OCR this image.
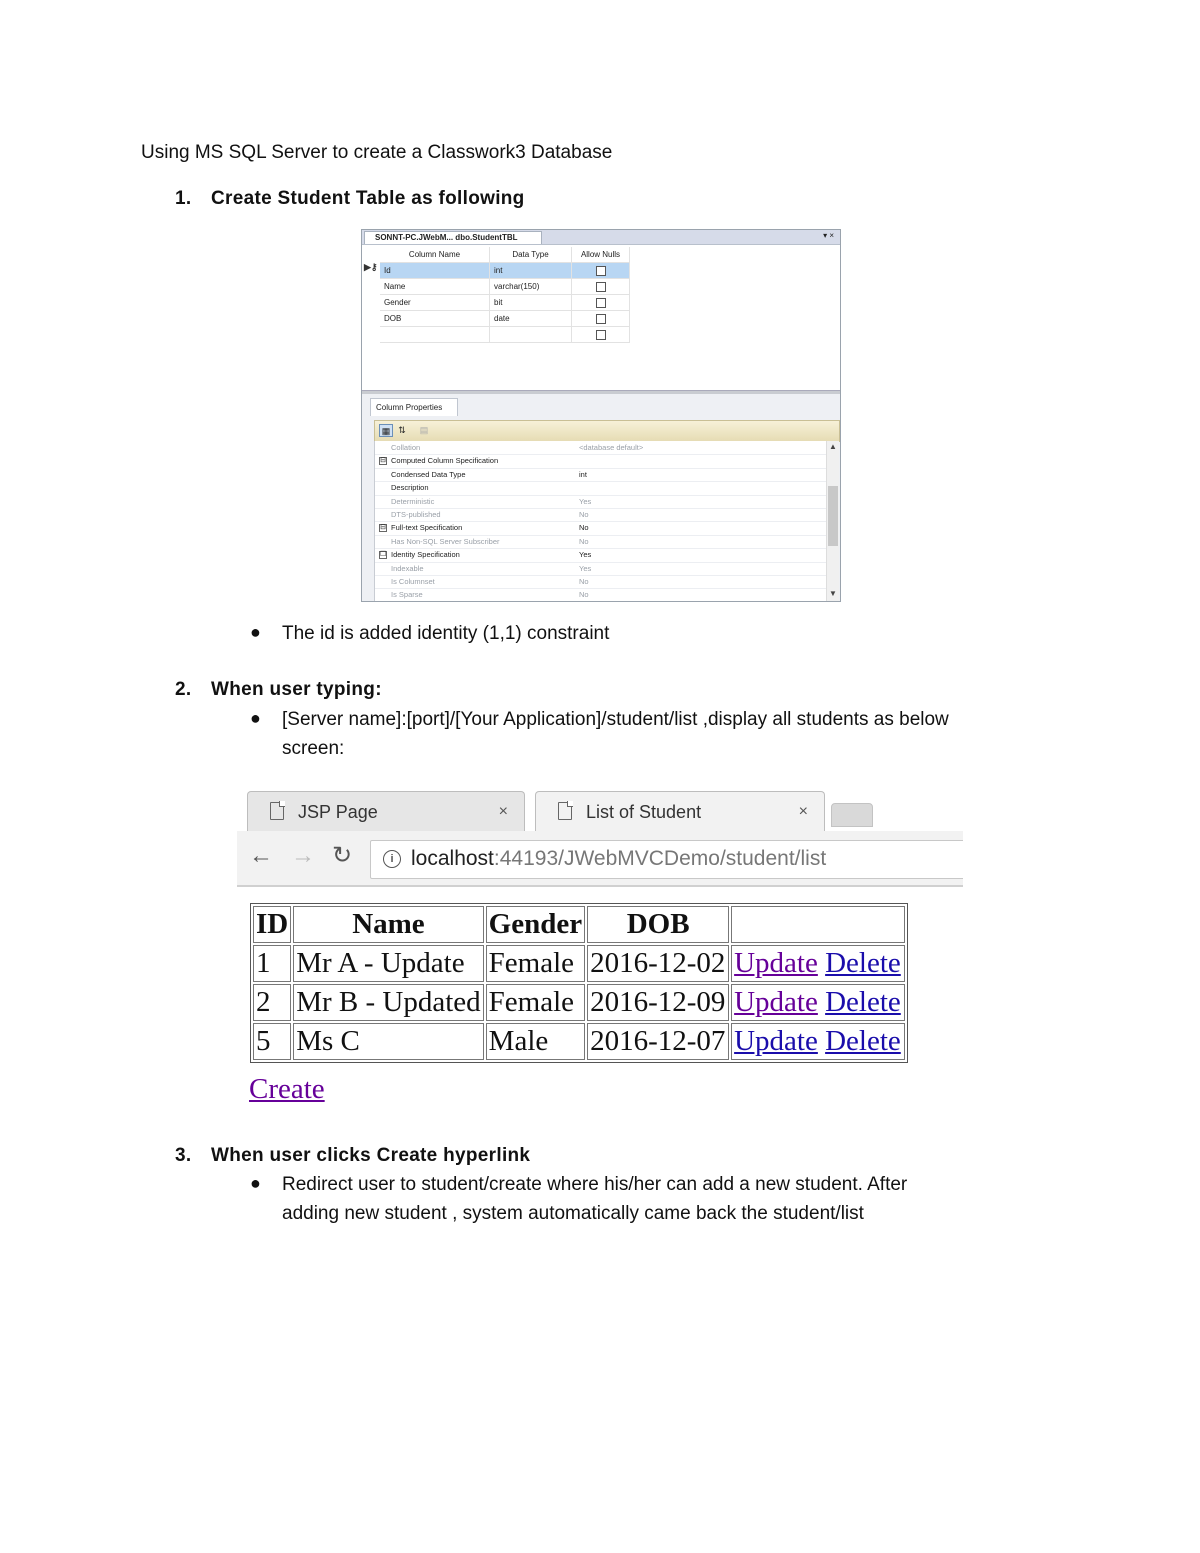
Using MS SQL Server to create a Classwork3 Database
1. Create Student Table as following
SONNT-PC.JWebM... dbo.StudentTBL	▾ ×
Column Name	Data Type	Allow Nulls
▶⚷ Id	int
Name	varchar(150)
Gender	bit
DOB	date
Column Properties
▦ ⇅	▤
Collation	<database default>
⊟ Computed Column Specification
Condensed Data Type	int
Description
Deterministic	Yes
DTS-published	No
⊟ Full-text Specification	No
Has Non-SQL Server Subscriber	No
☐ Identity Specification	Yes
Indexable	Yes
Is Columnset	No
Is Sparse	No
▲
▼
● The id is added identity (1,1) constraint
2. When user typing:
● [Server name]:[port]/[Your Application]/student/list ,display all students as below
screen:
JSP Page	×	List of Student	×
← → ↻	i localhost:44193/JWebMVCDemo/student/list
ID	Name	Gender	DOB	
1	Mr A - Update	Female	2016-12-02	Update Delete
2	Mr B - Updated	Female	2016-12-09	Update Delete
5	Ms C	Male	2016-12-07	Update Delete
Create
3. When user clicks Create hyperlink
● Redirect user to student/create where his/her can add a new student. After
adding new student , system automatically came back the student/list
